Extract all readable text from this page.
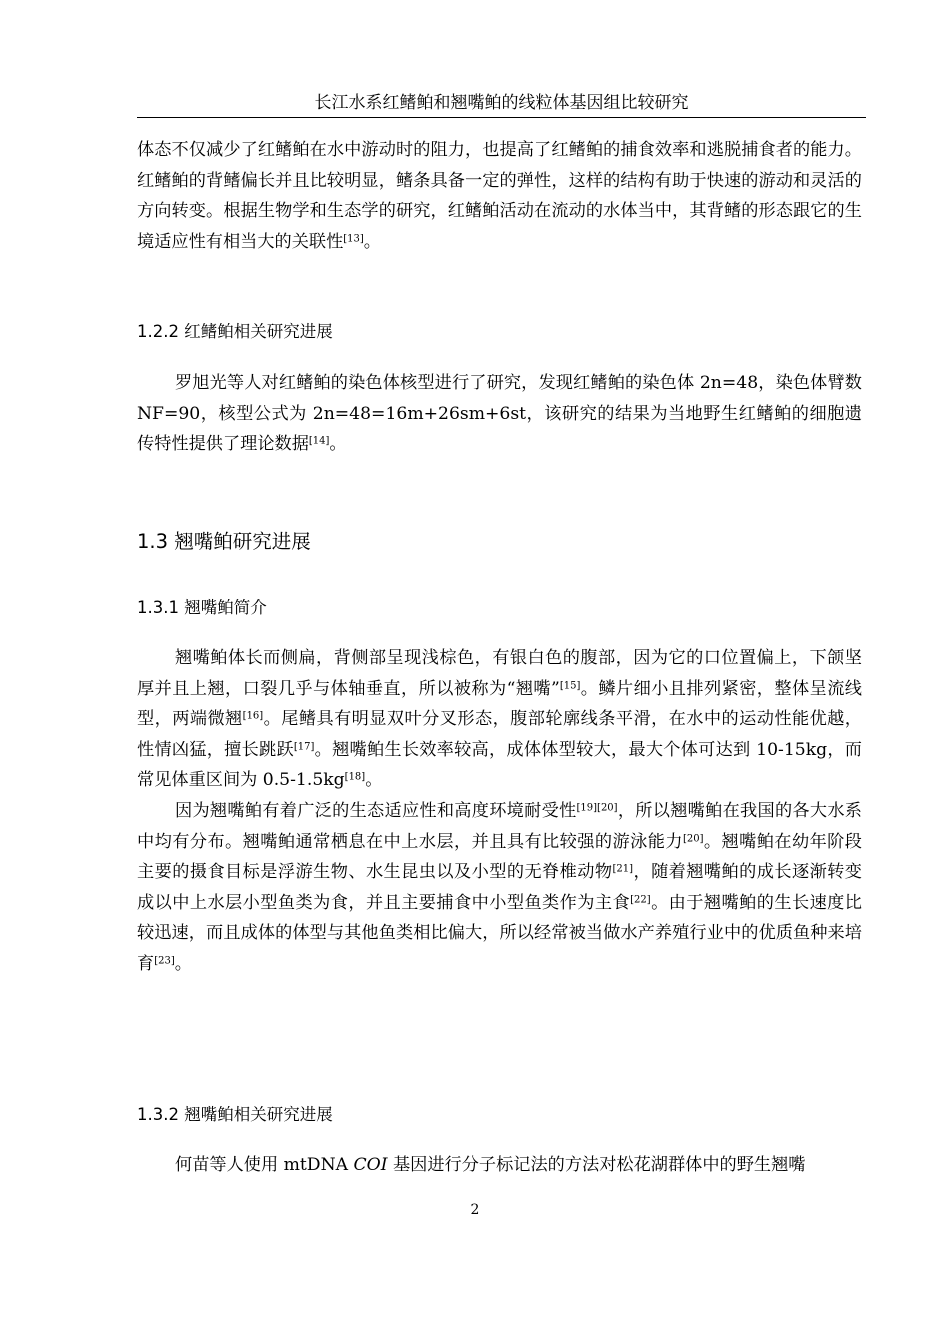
长江水系红鳍鲌和翘嘴鲌的线粒体基因组比较研究

体态不仅减少了红鳍鲌在水中游动时的阻力，也提高了红鳍鲌的捕食效率和逃脱捕食者的能力。红鳍鲌的背鳍偏长并且比较明显，鳍条具备一定的弹性，这样的结构有助于快速的游动和灵活的方向转变。根据生物学和生态学的研究，红鳍鲌活动在流动的水体当中，其背鳍的形态跟它的生境适应性有相当大的关联性[13]。

1.2.2 红鳍鲌相关研究进展

罗旭光等人对红鳍鲌的染色体核型进行了研究，发现红鳍鲌的染色体 2n=48，染色体臂数 NF=90，核型公式为 2n=48=16m+26sm+6st，该研究的结果为当地野生红鳍鲌的细胞遗传特性提供了理论数据[14]。

1.3 翘嘴鲌研究进展
1.3.1 翘嘴鲌简介

翘嘴鲌体长而侧扁，背侧部呈现浅棕色，有银白色的腹部，因为它的口位置偏上，下颌坚厚并且上翘，口裂几乎与体轴垂直，所以被称为“翘嘴”[15]。鳞片细小且排列紧密，整体呈流线型，两端微翘[16]。尾鳍具有明显双叶分叉形态，腹部轮廓线条平滑，在水中的运动性能优越，性情凶猛，擅长跳跃[17]。翘嘴鲌生长效率较高，成体体型较大，最大个体可达到 10-15kg，而常见体重区间为 0.5-1.5kg[18]。

因为翘嘴鲌有着广泛的生态适应性和高度环境耐受性[19][20]，所以翘嘴鲌在我国的各大水系中均有分布。翘嘴鲌通常栖息在中上水层，并且具有比较强的游泳能力[20]。翘嘴鲌在幼年阶段主要的摄食目标是浮游生物、水生昆虫以及小型的无脊椎动物[21]，随着翘嘴鲌的成长逐渐转变成以中上水层小型鱼类为食，并且主要捕食中小型鱼类作为主食[22]。由于翘嘴鲌的生长速度比较迅速，而且成体的体型与其他鱼类相比偏大，所以经常被当做水产养殖行业中的优质鱼种来培育[23]。

1.3.2 翘嘴鲌相关研究进展

何苗等人使用 mtDNA COI 基因进行分子标记法的方法对松花湖群体中的野生翘嘴

2
